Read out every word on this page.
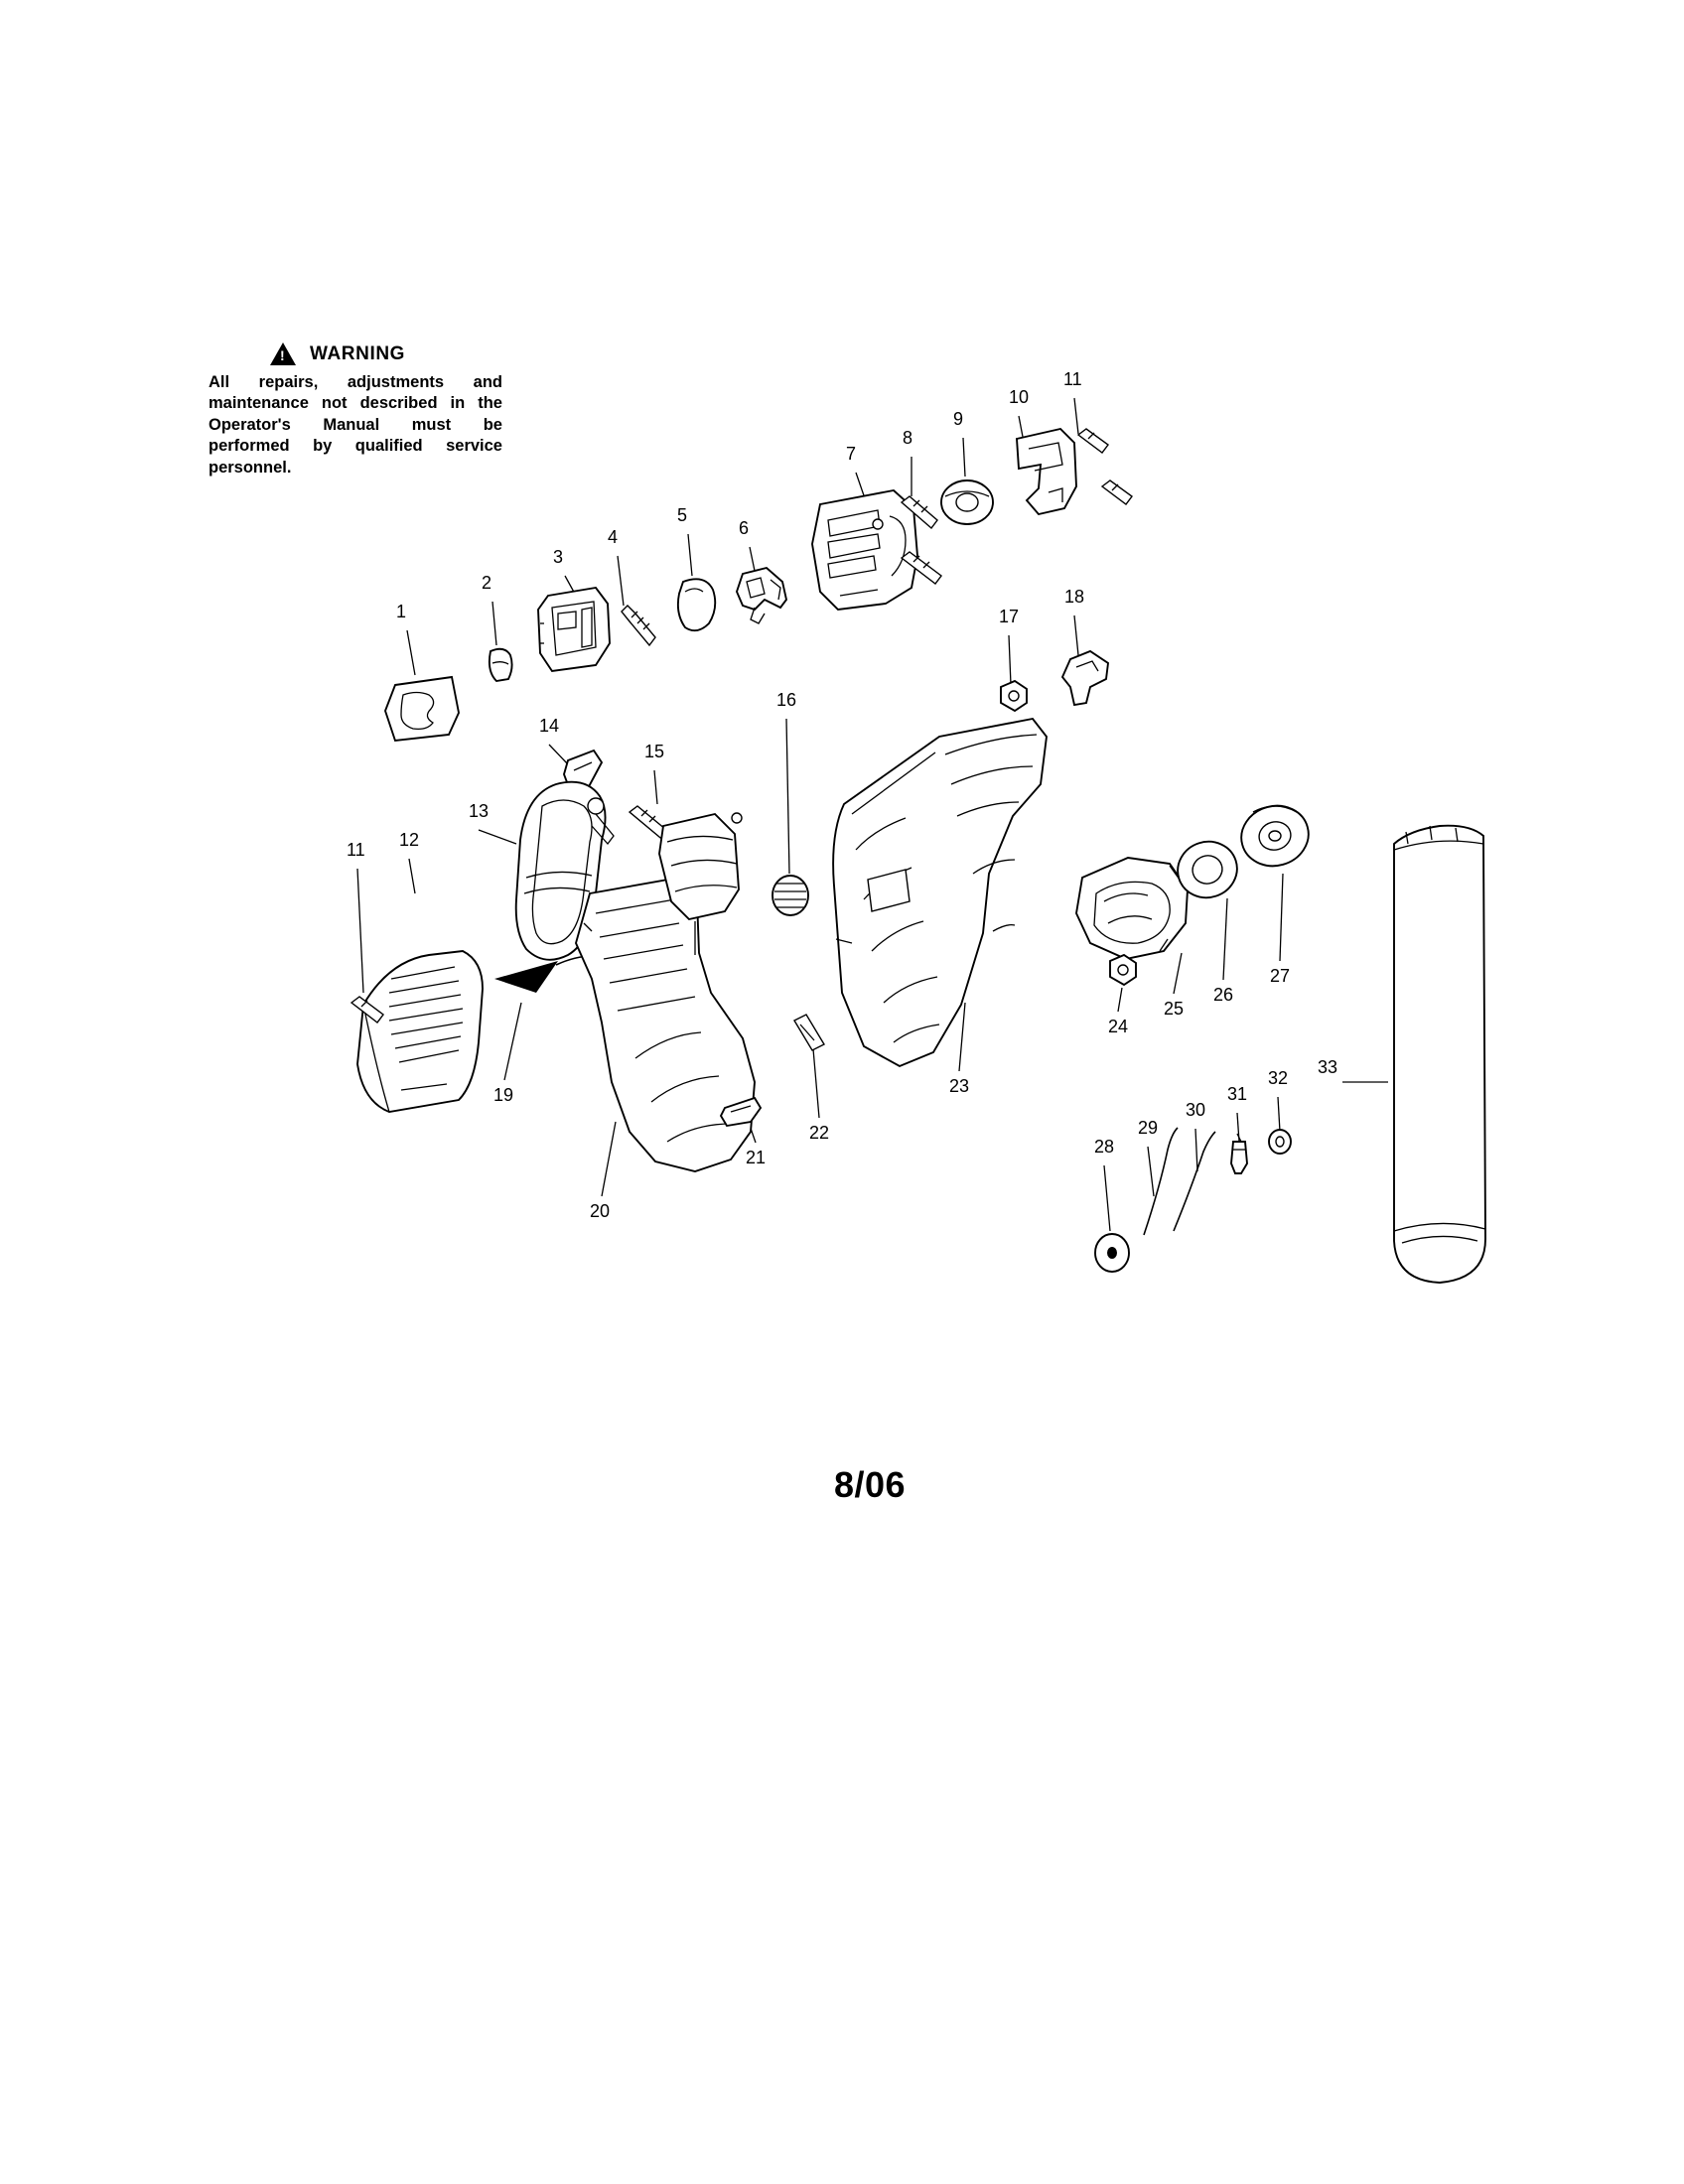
!
WARNING
All repairs, adjustments and maintenance not described in the Operator's Manual must be performed by qualified service personnel.
1
2
3
4
5
6
7
8
9
10
11
11 12
13
14
15
16
17
18
19
20
21
22
23
24
25
26
27
28
29
30
31
32
33
8/06
